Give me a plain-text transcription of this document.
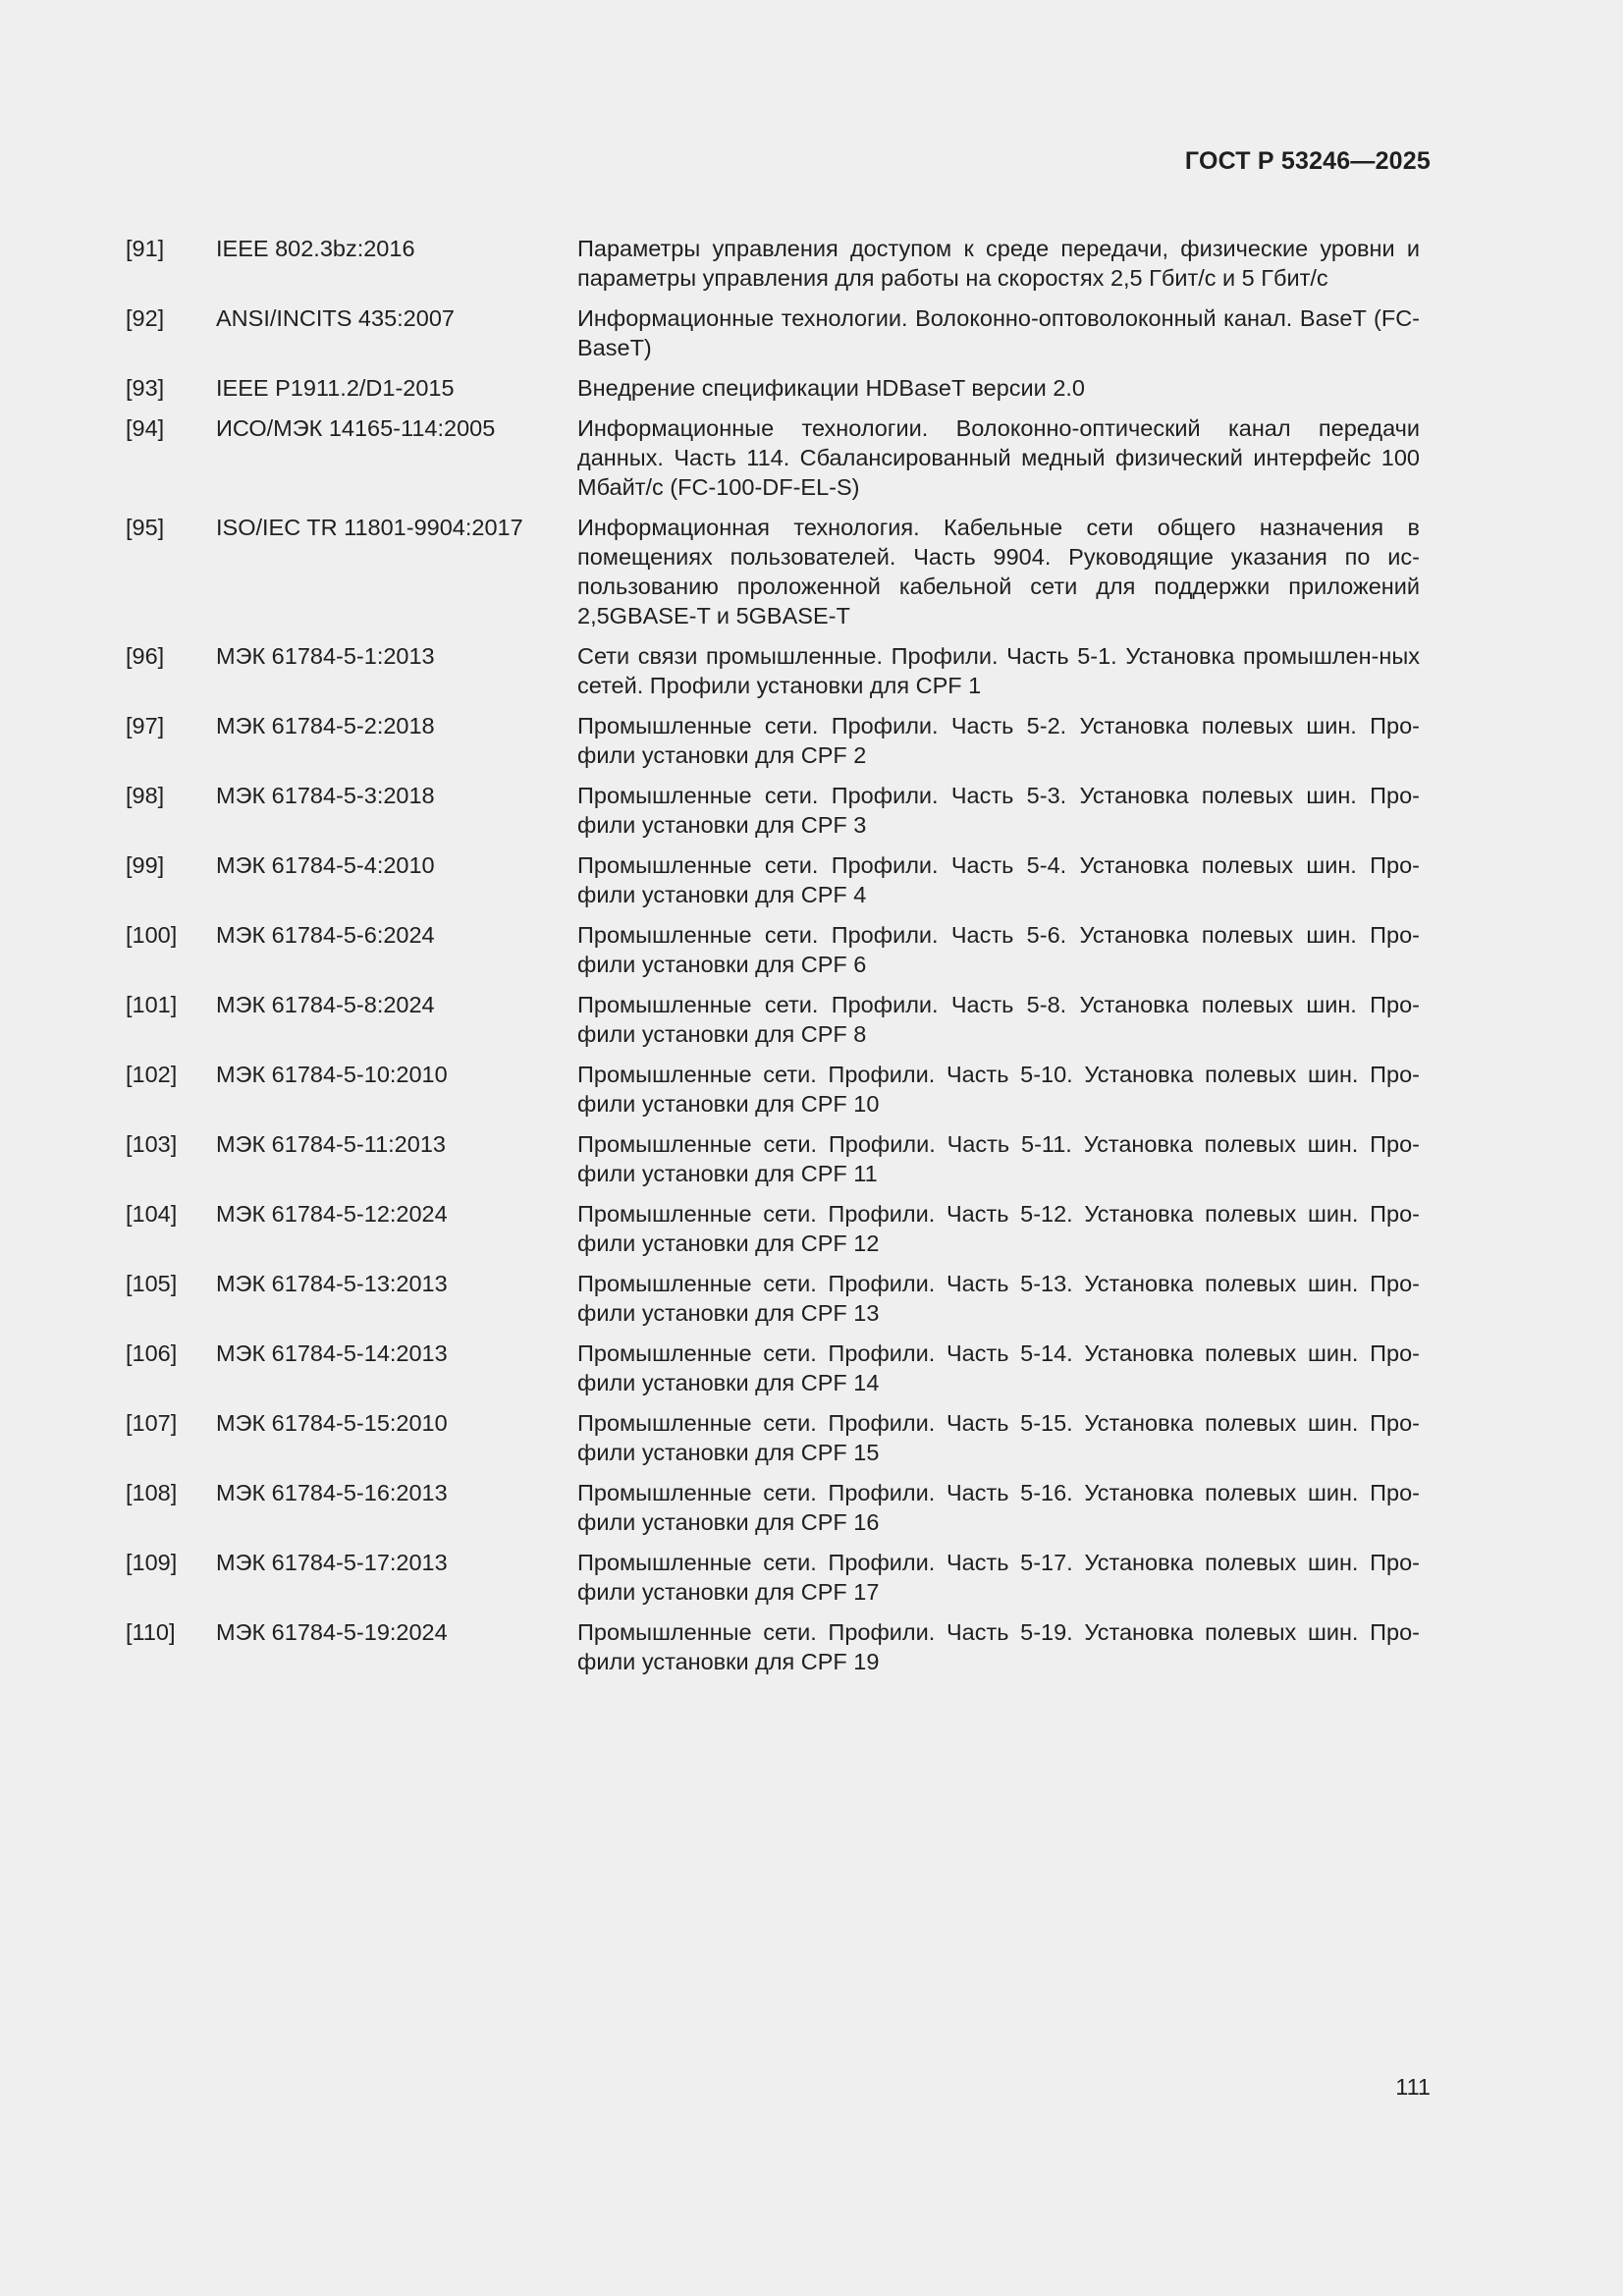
ГОСТ Р 53246—2025
[91]	IEEE 802.3bz:2016	Параметры управления доступом к среде передачи, физические уровни и параметры управления для работы на скоростях 2,5 Гбит/с и 5 Гбит/с
[92]	ANSI/INCITS 435:2007	Информационные технологии. Волоконно-оптоволоконный канал. BaseT (FC-BaseT)
[93]	IEEE P1911.2/D1-2015	Внедрение спецификации HDBaseT версии 2.0
[94]	ИСО/МЭК 14165-114:2005	Информационные технологии. Волоконно-оптический канал передачи данных. Часть 114. Сбалансированный медный физический интерфейс 100 Мбайт/с (FC-100-DF-EL-S)
[95]	ISO/IEC TR 11801-9904:2017	Информационная технология. Кабельные сети общего назначения в помещениях пользователей. Часть 9904. Руководящие указания по ис-пользованию проложенной кабельной сети для поддержки приложений 2,5GBASE-T и 5GBASE-T
[96]	МЭК 61784-5-1:2013	Сети связи промышленные. Профили. Часть 5-1. Установка промышлен-ных сетей. Профили установки для CPF 1
[97]	МЭК 61784-5-2:2018	Промышленные сети. Профили. Часть 5-2. Установка полевых шин. Про-фили установки для CPF 2
[98]	МЭК 61784-5-3:2018	Промышленные сети. Профили. Часть 5-3. Установка полевых шин. Про-фили установки для CPF 3
[99]	МЭК 61784-5-4:2010	Промышленные сети. Профили. Часть 5-4. Установка полевых шин. Про-фили установки для CPF 4
[100]	МЭК 61784-5-6:2024	Промышленные сети. Профили. Часть 5-6. Установка полевых шин. Про-фили установки для CPF 6
[101]	МЭК 61784-5-8:2024	Промышленные сети. Профили. Часть 5-8. Установка полевых шин. Про-фили установки для CPF 8
[102]	МЭК 61784-5-10:2010	Промышленные сети. Профили. Часть 5-10. Установка полевых шин. Про-фили установки для CPF 10
[103]	МЭК 61784-5-11:2013	Промышленные сети. Профили. Часть 5-11. Установка полевых шин. Про-фили установки для CPF 11
[104]	МЭК 61784-5-12:2024	Промышленные сети. Профили. Часть 5-12. Установка полевых шин. Про-фили установки для CPF 12
[105]	МЭК 61784-5-13:2013	Промышленные сети. Профили. Часть 5-13. Установка полевых шин. Про-фили установки для CPF 13
[106]	МЭК 61784-5-14:2013	Промышленные сети. Профили. Часть 5-14. Установка полевых шин. Про-фили установки для CPF 14
[107]	МЭК 61784-5-15:2010	Промышленные сети. Профили. Часть 5-15. Установка полевых шин. Про-фили установки для CPF 15
[108]	МЭК 61784-5-16:2013	Промышленные сети. Профили. Часть 5-16. Установка полевых шин. Про-фили установки для CPF 16
[109]	МЭК 61784-5-17:2013	Промышленные сети. Профили. Часть 5-17. Установка полевых шин. Про-фили установки для CPF 17
[110]	МЭК 61784-5-19:2024	Промышленные сети. Профили. Часть 5-19. Установка полевых шин. Про-фили установки для CPF 19
111
